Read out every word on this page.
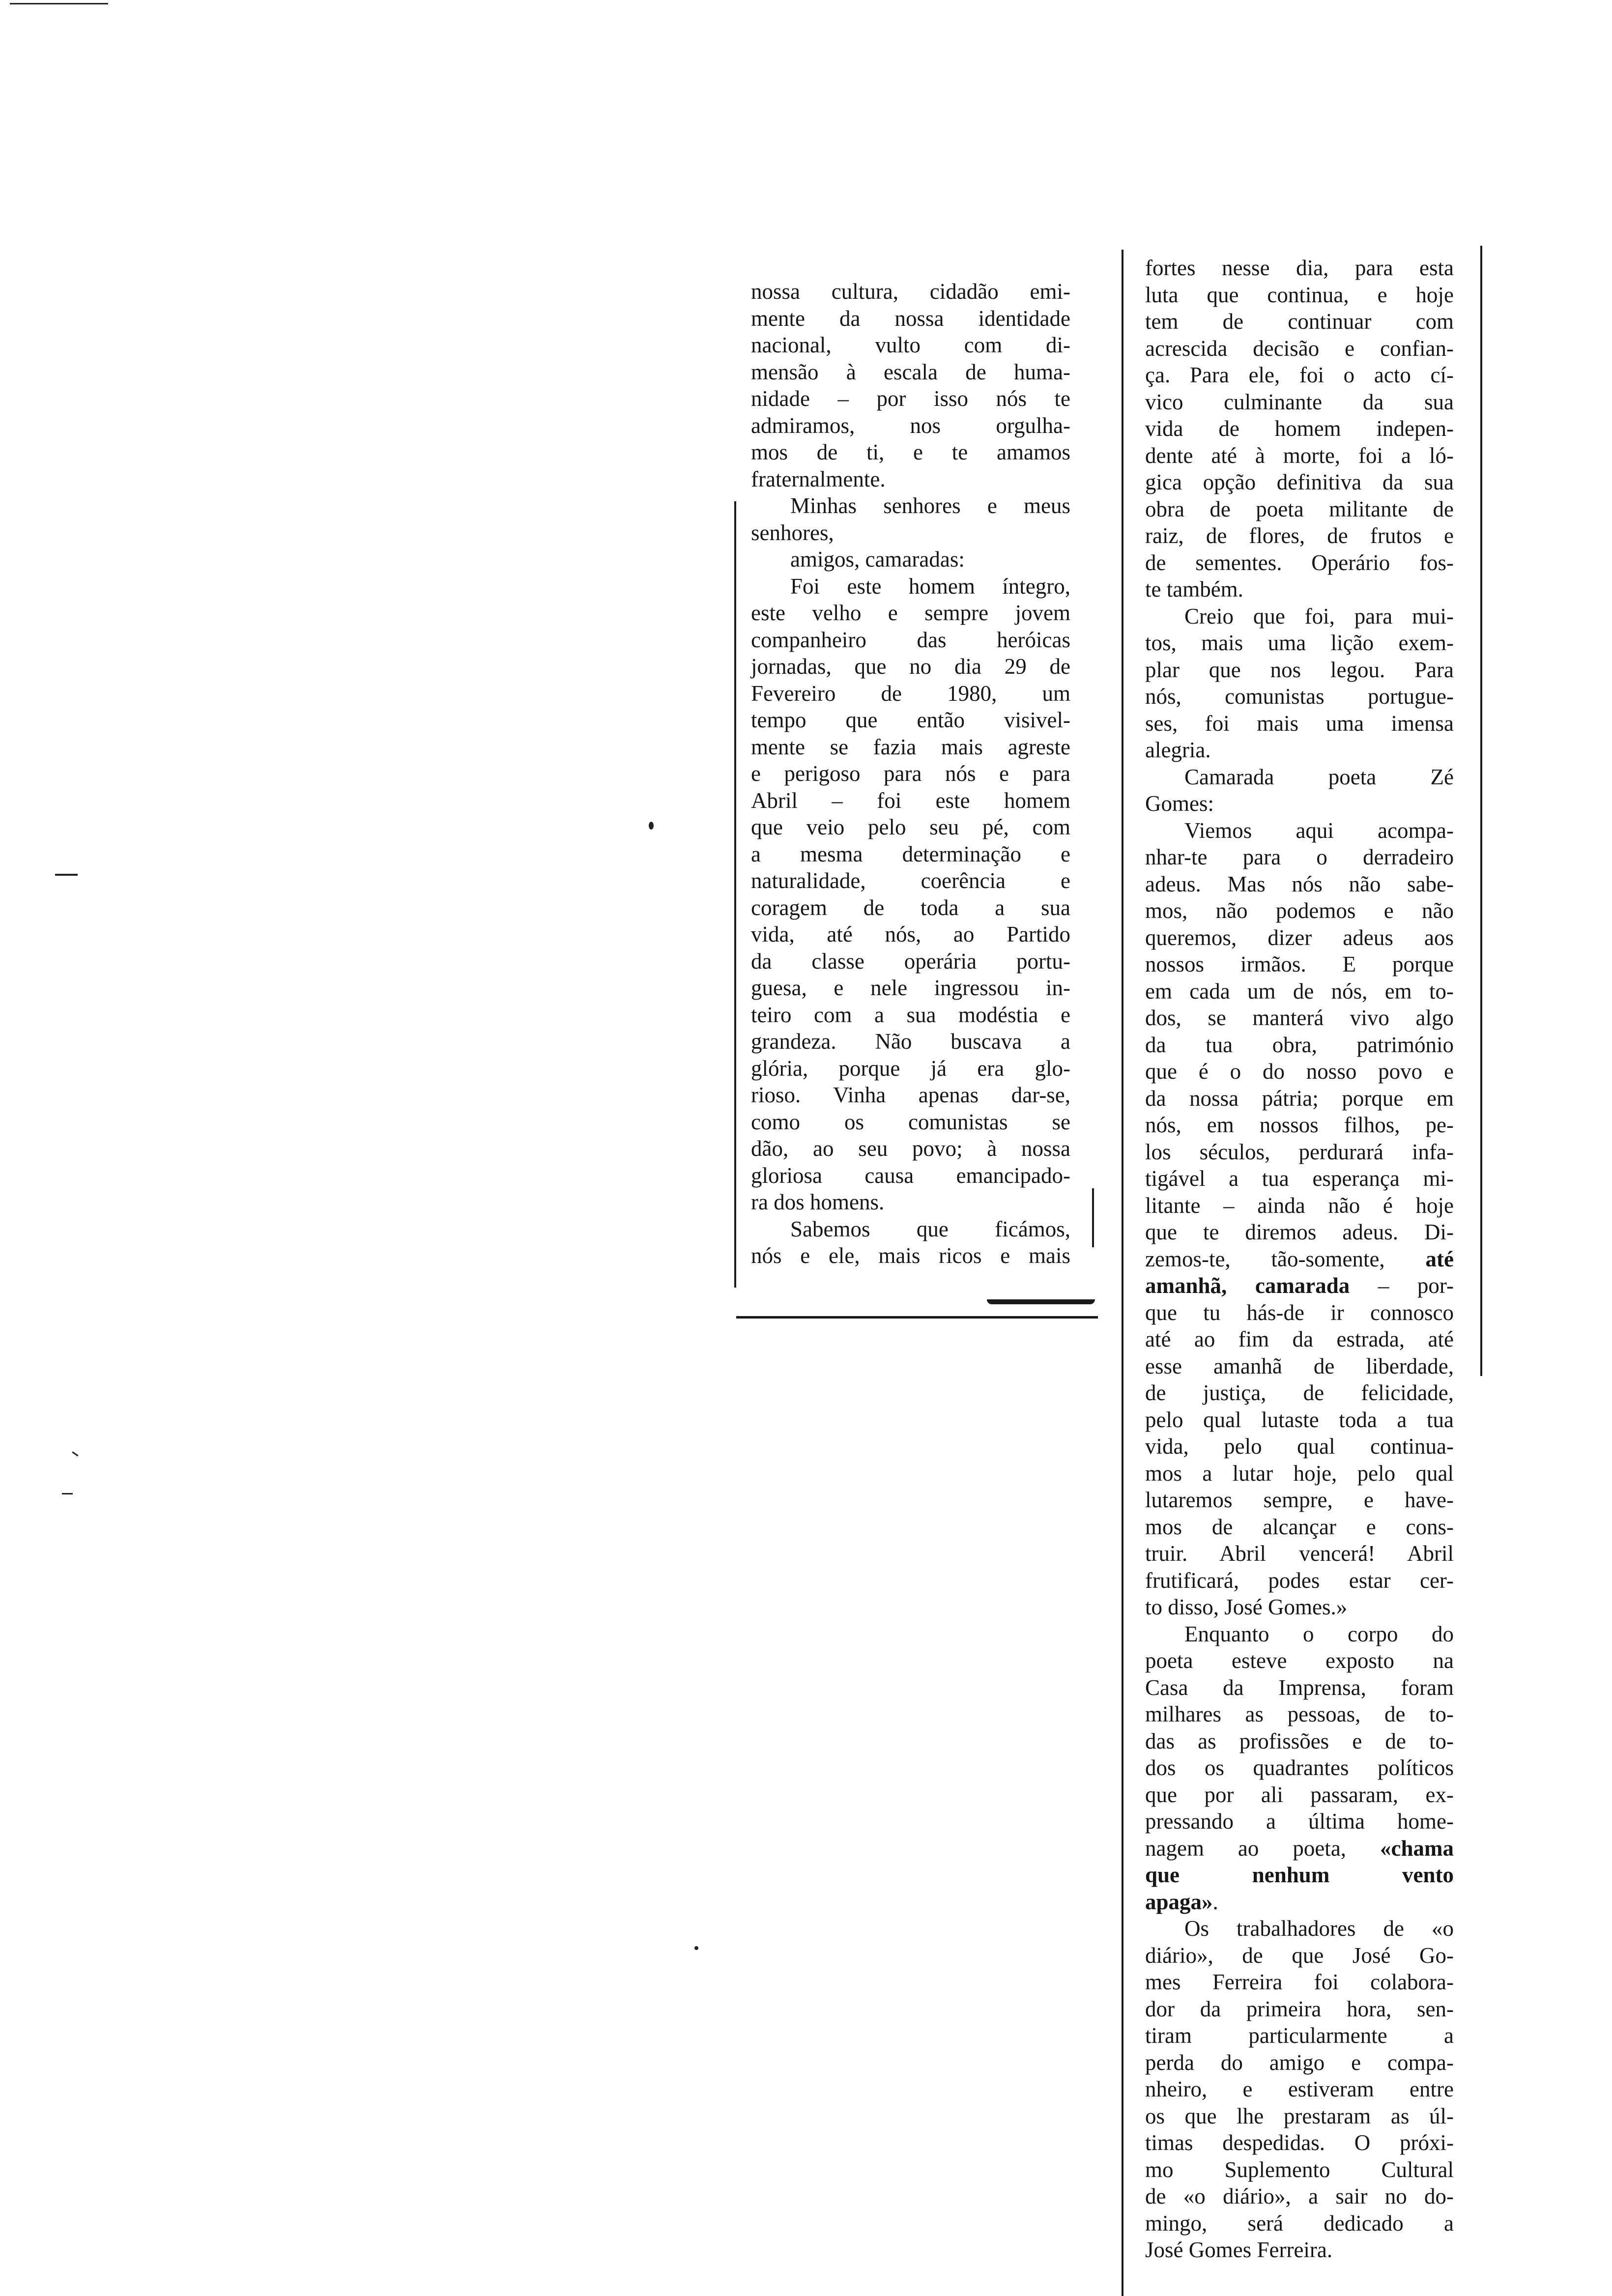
nossa cultura, cidadão emi-
mente da nossa identidade
nacional, vulto com di-
mensão à escala de huma-
nidade – por isso nós te
admiramos, nos orgulha-
mos de ti, e te amamos
fraternalmente.
Minhas senhores e meus
senhores,
amigos, camaradas:
Foi este homem íntegro,
este velho e sempre jovem
companheiro das heróicas
jornadas, que no dia 29 de
Fevereiro de 1980, um
tempo que então visivel-
mente se fazia mais agreste
e perigoso para nós e para
Abril – foi este homem
que veio pelo seu pé, com
a mesma determinação e
naturalidade, coerência e
coragem de toda a sua
vida, até nós, ao Partido
da classe operária portu-
guesa, e nele ingressou in-
teiro com a sua modéstia e
grandeza. Não buscava a
glória, porque já era glo-
rioso. Vinha apenas dar-se,
como os comunistas se
dão, ao seu povo; à nossa
gloriosa causa emancipado-
ra dos homens.
Sabemos que ficámos,
nós e ele, mais ricos e mais
fortes nesse dia, para esta
luta que continua, e hoje
tem de continuar com
acrescida decisão e confian-
ça. Para ele, foi o acto cí-
vico culminante da sua
vida de homem indepen-
dente até à morte, foi a ló-
gica opção definitiva da sua
obra de poeta militante de
raiz, de flores, de frutos e
de sementes. Operário fos-
te também.
Creio que foi, para mui-
tos, mais uma lição exem-
plar que nos legou. Para
nós, comunistas portugue-
ses, foi mais uma imensa
alegria.
Camarada poeta Zé
Gomes:
Viemos aqui acompa-
nhar-te para o derradeiro
adeus. Mas nós não sabe-
mos, não podemos e não
queremos, dizer adeus aos
nossos irmãos. E porque
em cada um de nós, em to-
dos, se manterá vivo algo
da tua obra, património
que é o do nosso povo e
da nossa pátria; porque em
nós, em nossos filhos, pe-
los séculos, perdurará infa-
tigável a tua esperança mi-
litante – ainda não é hoje
que te diremos adeus. Di-
zemos-te, tão-somente, até
amanhã, camarada – por-
que tu hás-de ir connosco
até ao fim da estrada, até
esse amanhã de liberdade,
de justiça, de felicidade,
pelo qual lutaste toda a tua
vida, pelo qual continua-
mos a lutar hoje, pelo qual
lutaremos sempre, e have-
mos de alcançar e cons-
truir. Abril vencerá! Abril
frutificará, podes estar cer-
to disso, José Gomes.»
Enquanto o corpo do
poeta esteve exposto na
Casa da Imprensa, foram
milhares as pessoas, de to-
das as profissões e de to-
dos os quadrantes políticos
que por ali passaram, ex-
pressando a última home-
nagem ao poeta, «chama
que nenhum vento
apaga».
Os trabalhadores de «o
diário», de que José Go-
mes Ferreira foi colabora-
dor da primeira hora, sen-
tiram particularmente a
perda do amigo e compa-
nheiro, e estiveram entre
os que lhe prestaram as úl-
timas despedidas. O próxi-
mo Suplemento Cultural
de «o diário», a sair no do-
mingo, será dedicado a
José Gomes Ferreira.
